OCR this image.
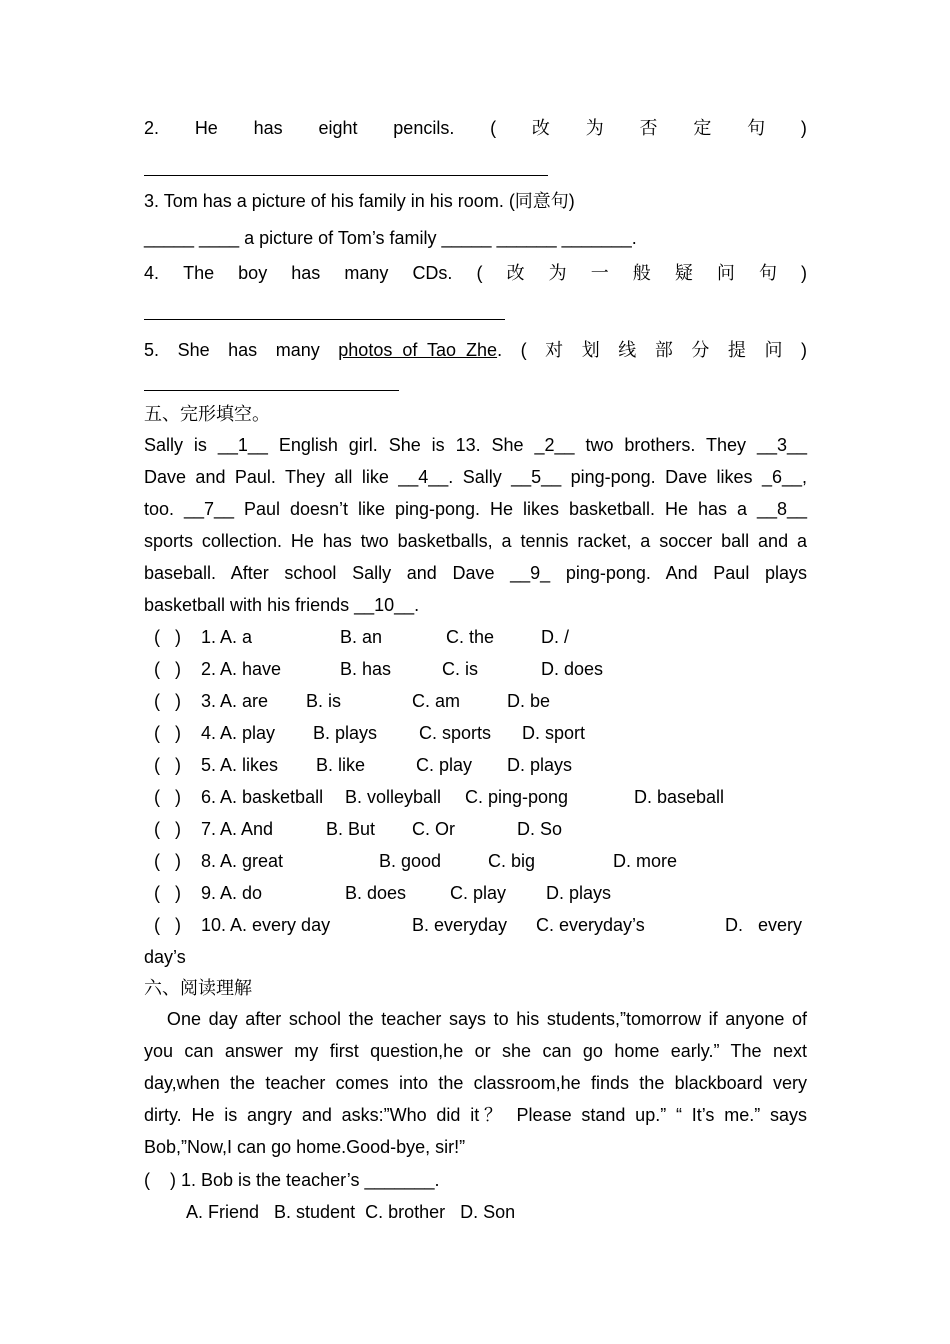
2. He has eight pencils. ( 改 为 否 定 句 )
3. Tom has a picture of his family in his room. (同意句)
_____ ____ a picture of Tom’s family _____ ______ _______.
4. The boy has many CDs. ( 改 为 一 般 疑 问 句 )
5. She has many photos  of  Tao  Zhe. ( 对 划 线 部 分 提 问 )
五、完形填空。
Sally is __1__ English girl. She is 13. She _2__ two brothers. They __3__
Dave and Paul. They all like __4__. Sally __5__ ping-pong. Dave likes _6__,
too. __7__ Paul doesn’t like ping-pong. He likes basketball. He has a __8__
sports collection. He has two basketballs, a tennis racket, a soccer ball and a
baseball. After school Sally and Dave __9_ ping-pong. And Paul plays
basketball with his friends __10__.
(   ) 1. A. a	B. an	C. the	D. /
(   ) 2. A. have	B. has	C. is	D. does
(   ) 3. A. are B. is	C. am	D. be
(   ) 4. A. play B. plays C. sports D. sport
(   ) 5. A. likes B. like	C. play D. plays
(   ) 6. A. basketball B. volleyball C. ping-pong	D. baseball
(   ) 7. A. And	B. But C. Or	D. So
(   ) 8. A. great	B. good	C. big	D. more
(   ) 9. A. do	B. does C. play D. plays
(   ) 10. A. every day	B. everyday C. everyday’s	D.   every
day’s
六、阅读理解
One day after school the teacher says to his students,”tomorrow if anyone of
you can answer my first question,he or she can go home early.” The next
day,when the teacher comes into the classroom,he finds the blackboard very
dirty. He is angry and asks:”Who did it？ Please stand up.” “ It’s me.” says
Bob,”Now,I can go home.Good-bye, sir!”
(    ) 1. Bob is the teacher’s _______.
A. Friend   B. student  C. brother   D. Son
